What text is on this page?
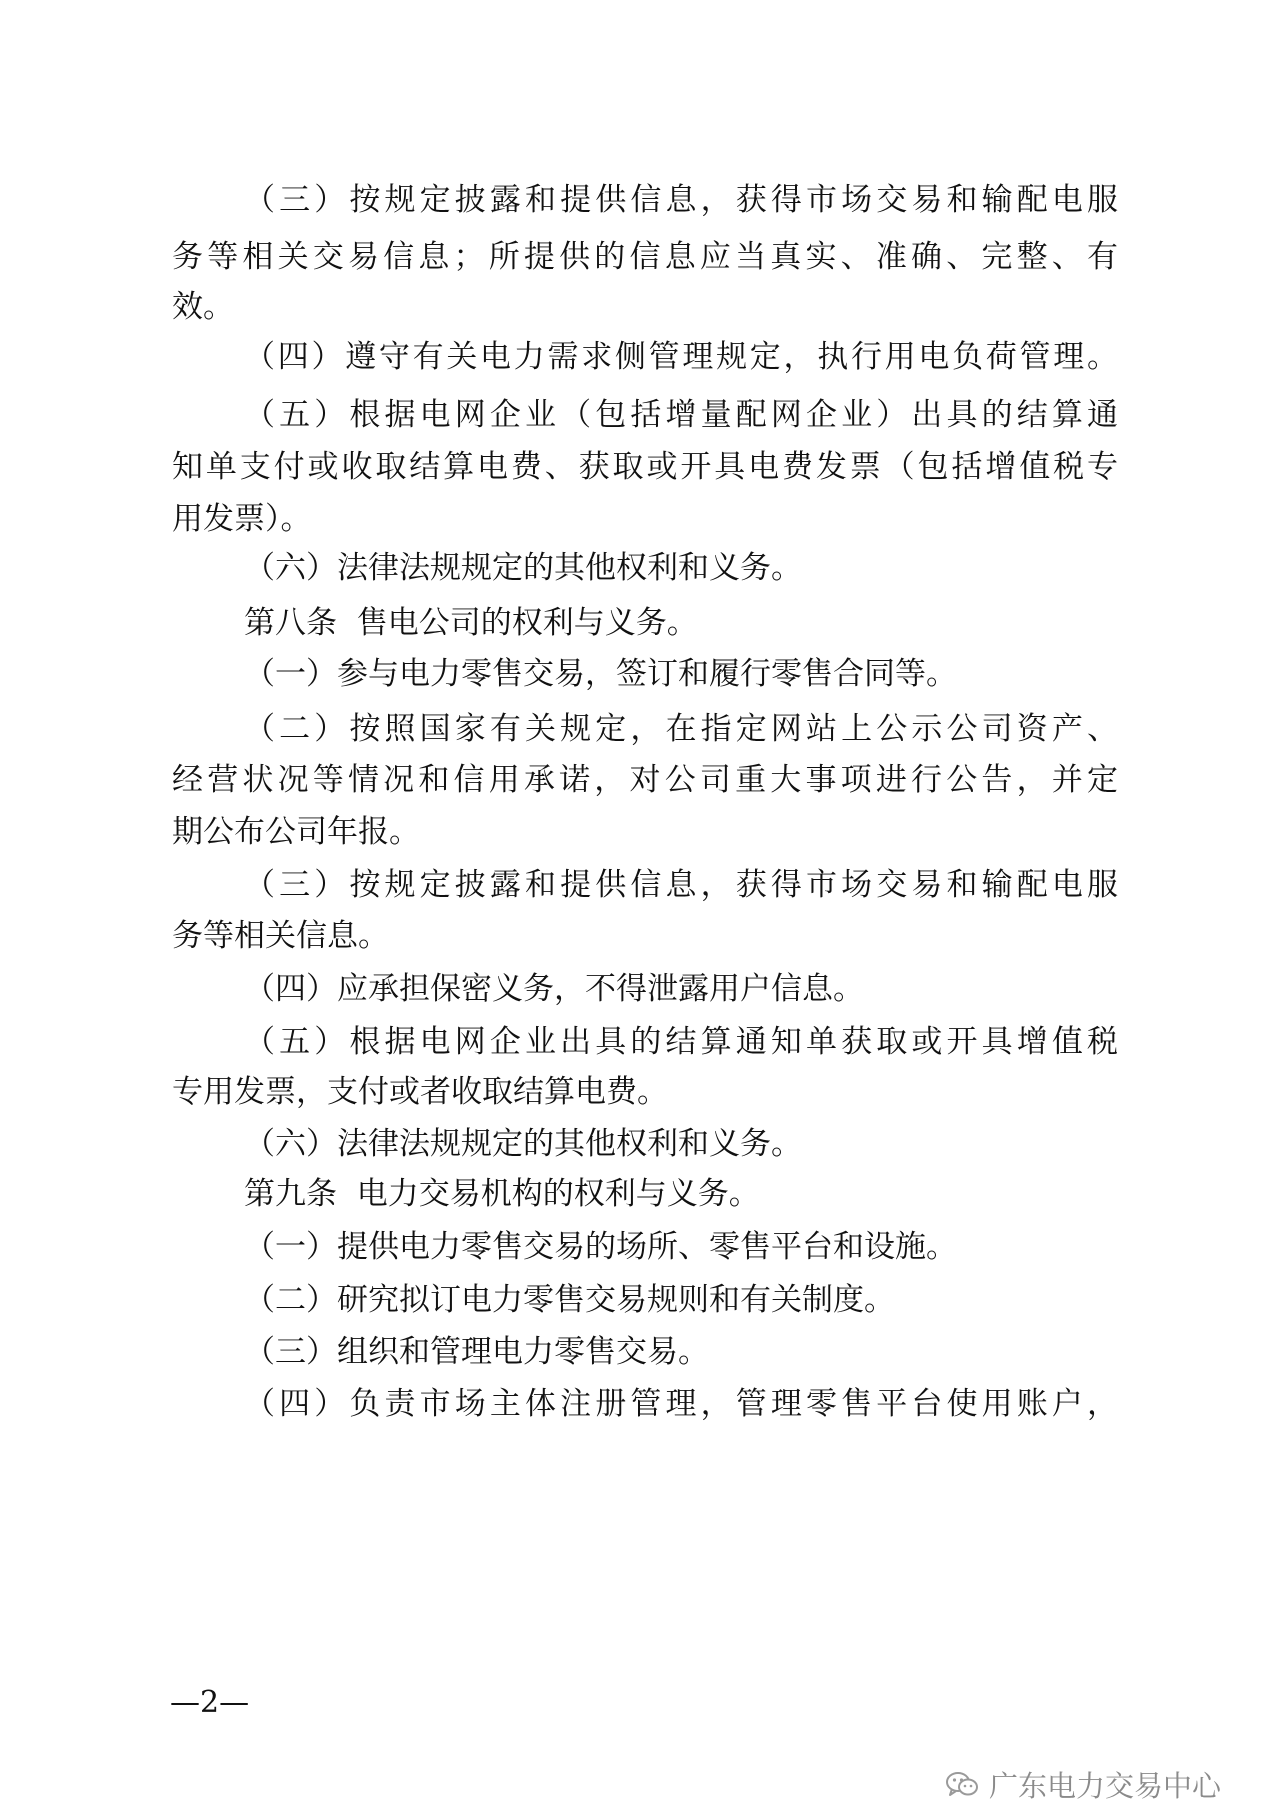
（三）按规定披露和提供信息，获得市场交易和输配电服
务等相关交易信息；所提供的信息应当真实、准确、完整、有
效。
（四）遵守有关电力需求侧管理规定，执行用电负荷管理。
（五）根据电网企业（包括增量配网企业）出具的结算通
知单支付或收取结算电费、获取或开具电费发票（包括增值税专
用发票）。
（六）法律法规规定的其他权利和义务。
第八条  售电公司的权利与义务。
（一）参与电力零售交易，签订和履行零售合同等。
（二）按照国家有关规定，在指定网站上公示公司资产、
经营状况等情况和信用承诺，对公司重大事项进行公告，并定
期公布公司年报。
（三）按规定披露和提供信息，获得市场交易和输配电服
务等相关信息。
（四）应承担保密义务，不得泄露用户信息。
（五）根据电网企业出具的结算通知单获取或开具增值税
专用发票，支付或者收取结算电费。
（六）法律法规规定的其他权利和义务。
第九条  电力交易机构的权利与义务。
（一）提供电力零售交易的场所、零售平台和设施。
（二）研究拟订电力零售交易规则和有关制度。
（三）组织和管理电力零售交易。
（四）负责市场主体注册管理，管理零售平台使用账户，
—2—
广东电力交易中心
